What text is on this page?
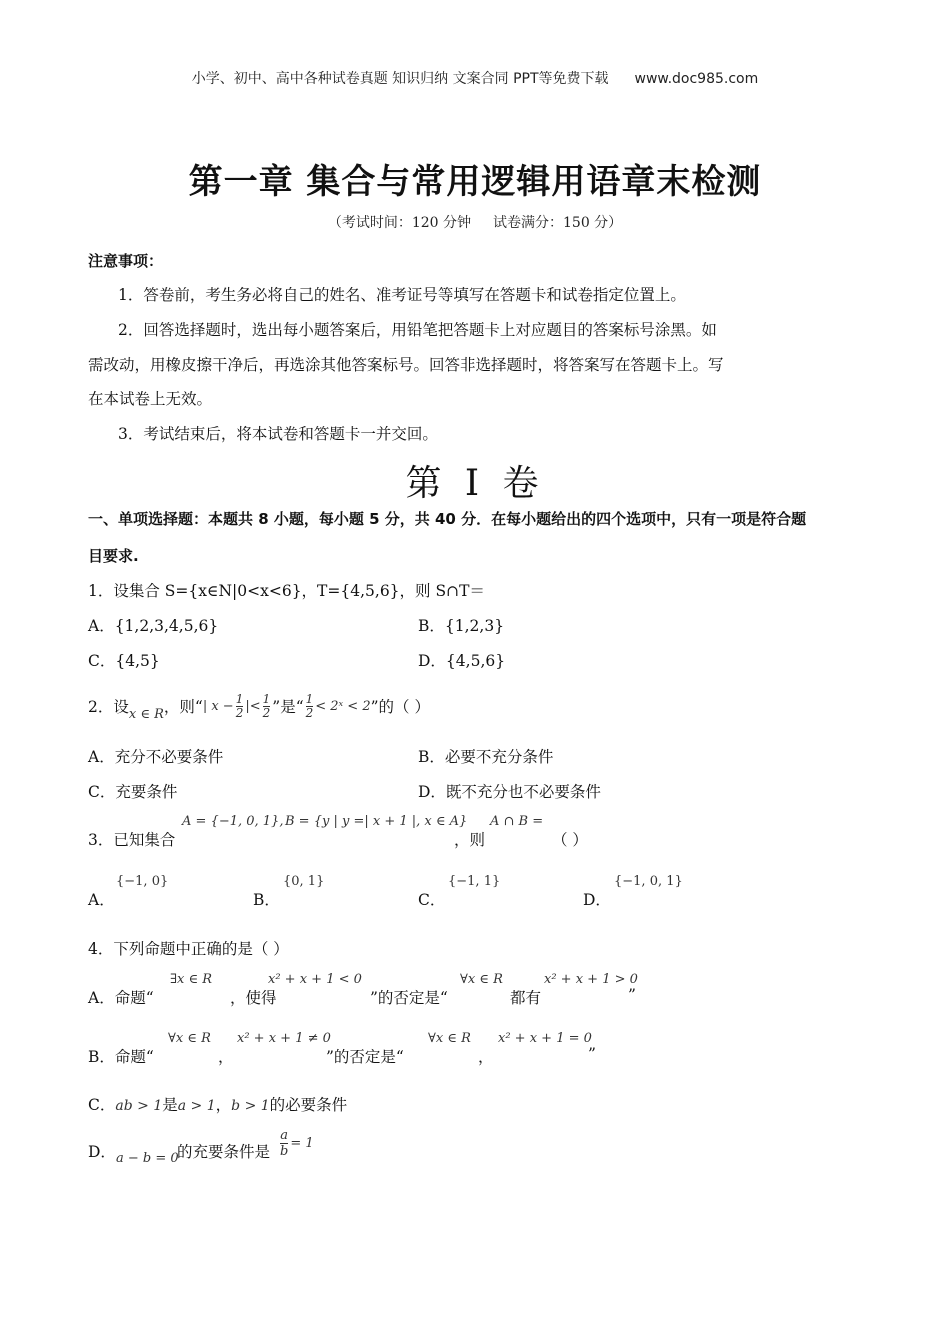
小学、初中、高中各种试卷真题 知识归纳 文案合同 PPT等免费下载 www.doc985.com
第一章 集合与常用逻辑用语章末检测
（考试时间：120 分钟 试卷满分：150 分）
注意事项：
1．答卷前，考生务必将自己的姓名、准考证号等填写在答题卡和试卷指定位置上。
2．回答选择题时，选出每小题答案后，用铅笔把答题卡上对应题目的答案标号涂黑。如
需改动，用橡皮擦干净后，再选涂其他答案标号。回答非选择题时，将答案写在答题卡上。写
在本试卷上无效。
3．考试结束后，将本试卷和答题卡一并交回。
第 I 卷
一、单项选择题：本题共 8 小题，每小题 5 分，共 40 分．在每小题给出的四个选项中，只有一项是符合题
目要求.
1．设集合 S={x∈N|0<x<6}，T={4,5,6}，则 S∩T＝
A．{1,2,3,4,5,6}	B．{1,2,3}
C．{4,5}	D．{4,5,6}
2．设 x ∈ R ，则“ | $x - \frac{1}{2}$ |< $\frac{1}{2}$ ”是“ $\frac{1}{2}$ < 2ˣ < 2 ”的（ ）
A．充分不必要条件	B．必要不充分条件
C．充要条件	D．既不充分也不必要条件
3．已知集合
A = {−1, 0, 1}, B = {y | y =| x + 1 |, x ∈ A}
，则
A ∩ B =
（ ）
A．
{−1, 0}
B．
{0, 1}
C．
{−1, 1}
D．
{−1, 0, 1}
4．下列命题中正确的是（ ）
A．命题“
∃x ∈ R
，使得
x² + x + 1 < 0
”的否定是“
∀x ∈ R
都有
x² + x + 1 > 0
”
B．命题“
∀x ∈ R
，
x² + x + 1 ≠ 0
”的否定是“
∀x ∈ R
，
x² + x + 1 = 0
”
C． ab > 1 是 a > 1 ， b > 1 的必要条件
D． a − b = 0
的充要条件是 $\frac{a}{b} = 1$
